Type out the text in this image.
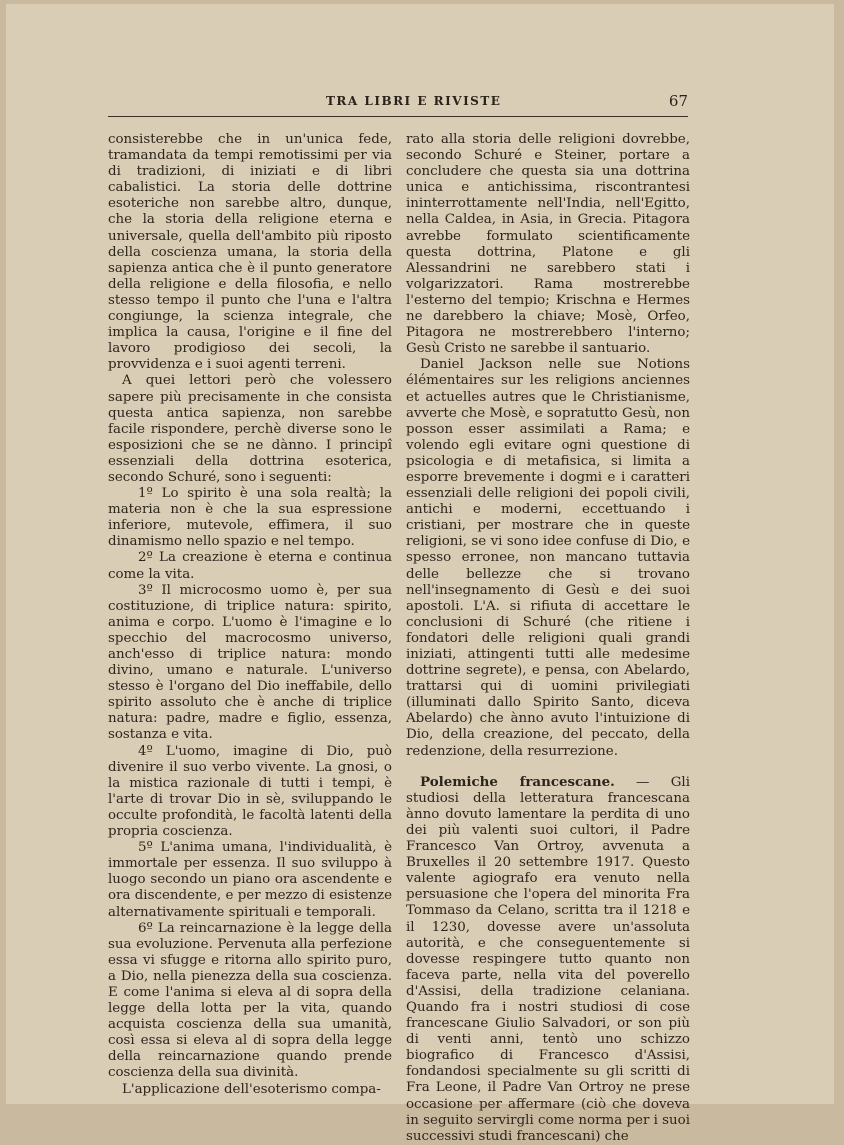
TRA LIBRI E RIVISTE	67

consisterebbe che in un'unica fede, tramandata da tempi remotissimi per via di tradizioni, di iniziati e di libri cabalistici. La storia delle dottrine esoteriche non sarebbe altro, dunque, che la storia della religione eterna e universale, quella dell'ambito più riposto della coscienza umana, la storia della sapienza antica che è il punto generatore della religione e della filosofia, e nello stesso tempo il punto che l'una e l'altra congiunge, la scienza integrale, che implica la causa, l'origine e il fine del lavoro prodigioso dei secoli, la provvidenza e i suoi agenti terreni.

A quei lettori però che volessero sapere più precisamente in che consista questa antica sapienza, non sarebbe facile rispondere, perchè diverse sono le esposizioni che se ne dànno. I principî essenziali della dottrina esoterica, secondo Schuré, sono i seguenti:

1º Lo spirito è una sola realtà; la materia non è che la sua espressione inferiore, mutevole, effimera, il suo dinamismo nello spazio e nel tempo.

2º La creazione è eterna e continua come la vita.

3º Il microcosmo uomo è, per sua costituzione, di triplice natura: spirito, anima e corpo. L'uomo è l'imagine e lo specchio del macrocosmo universo, anch'esso di triplice natura: mondo divino, umano e naturale. L'universo stesso è l'organo del Dio ineffabile, dello spirito assoluto che è anche di triplice natura: padre, madre e figlio, essenza, sostanza e vita.

4º L'uomo, imagine di Dio, può divenire il suo verbo vivente. La gnosi, o la mistica razionale di tutti i tempi, è l'arte di trovar Dio in sè, sviluppando le occulte profondità, le facoltà latenti della propria coscienza.

5º L'anima umana, l'individualità, è immortale per essenza. Il suo sviluppo à luogo secondo un piano ora ascendente e ora discendente, e per mezzo di esistenze alternativamente spirituali e temporali.

6º La reincarnazione è la legge della sua evoluzione. Pervenuta alla perfezione essa vi sfugge e ritorna allo spirito puro, a Dio, nella pienezza della sua coscienza. E come l'anima si eleva al di sopra della legge della lotta per la vita, quando acquista coscienza della sua umanità, così essa si eleva al di sopra della legge della reincarnazione quando prende coscienza della sua divinità.

L'applicazione dell'esoterismo compa-

rato alla storia delle religioni dovrebbe, secondo Schuré e Steiner, portare a concludere che questa sia una dottrina unica e antichissima, riscontrantesi ininterrottamente nell'India, nell'Egitto, nella Caldea, in Asia, in Grecia. Pitagora avrebbe formulato scientificamente questa dottrina, Platone e gli Alessandrini ne sarebbero stati i volgarizzatori. Rama mostrerebbe l'esterno del tempio; Krischna e Hermes ne darebbero la chiave; Mosè, Orfeo, Pitagora ne mostrerebbero l'interno; Gesù Cristo ne sarebbe il santuario.

Daniel Jackson nelle sue Notions élémentaires sur les religions anciennes et actuelles autres que le Christianisme, avverte che Mosè, e sopratutto Gesù, non posson esser assimilati a Rama; e volendo egli evitare ogni questione di psicologia e di metafisica, si limita a esporre brevemente i dogmi e i caratteri essenziali delle religioni dei popoli civili, antichi e moderni, eccettuando i cristiani, per mostrare che in queste religioni, se vi sono idee confuse di Dio, e spesso erronee, non mancano tuttavia delle bellezze che si trovano nell'insegnamento di Gesù e dei suoi apostoli. L'A. si rifiuta di accettare le conclusioni di Schuré (che ritiene i fondatori delle religioni quali grandi iniziati, attingenti tutti alle medesime dottrine segrete), e pensa, con Abelardo, trattarsi qui di uomini privilegiati (illuminati dallo Spirito Santo, diceva Abelardo) che ànno avuto l'intuizione di Dio, della creazione, del peccato, della redenzione, della resurrezione.

Polemiche francescane. — Gli studiosi della letteratura francescana ànno dovuto lamentare la perdita di uno dei più valenti suoi cultori, il Padre Francesco Van Ortroy, avvenuta a Bruxelles il 20 settembre 1917. Questo valente agiografo era venuto nella persuasione che l'opera del minorita Fra Tommaso da Celano, scritta tra il 1218 e il 1230, dovesse avere un'assoluta autorità, e che conseguentemente si dovesse respingere tutto quanto non faceva parte, nella vita del poverello d'Assisi, della tradizione celaniana. Quando fra i nostri studiosi di cose francescane Giulio Salvadori, or son più di venti anni, tentò uno schizzo biografico di Francesco d'Assisi, fondandosi specialmente su gli scritti di Fra Leone, il Padre Van Ortroy ne prese occasione per affermare (ciò che doveva in seguito servirgli come norma per i suoi successivi studi francescani) che
